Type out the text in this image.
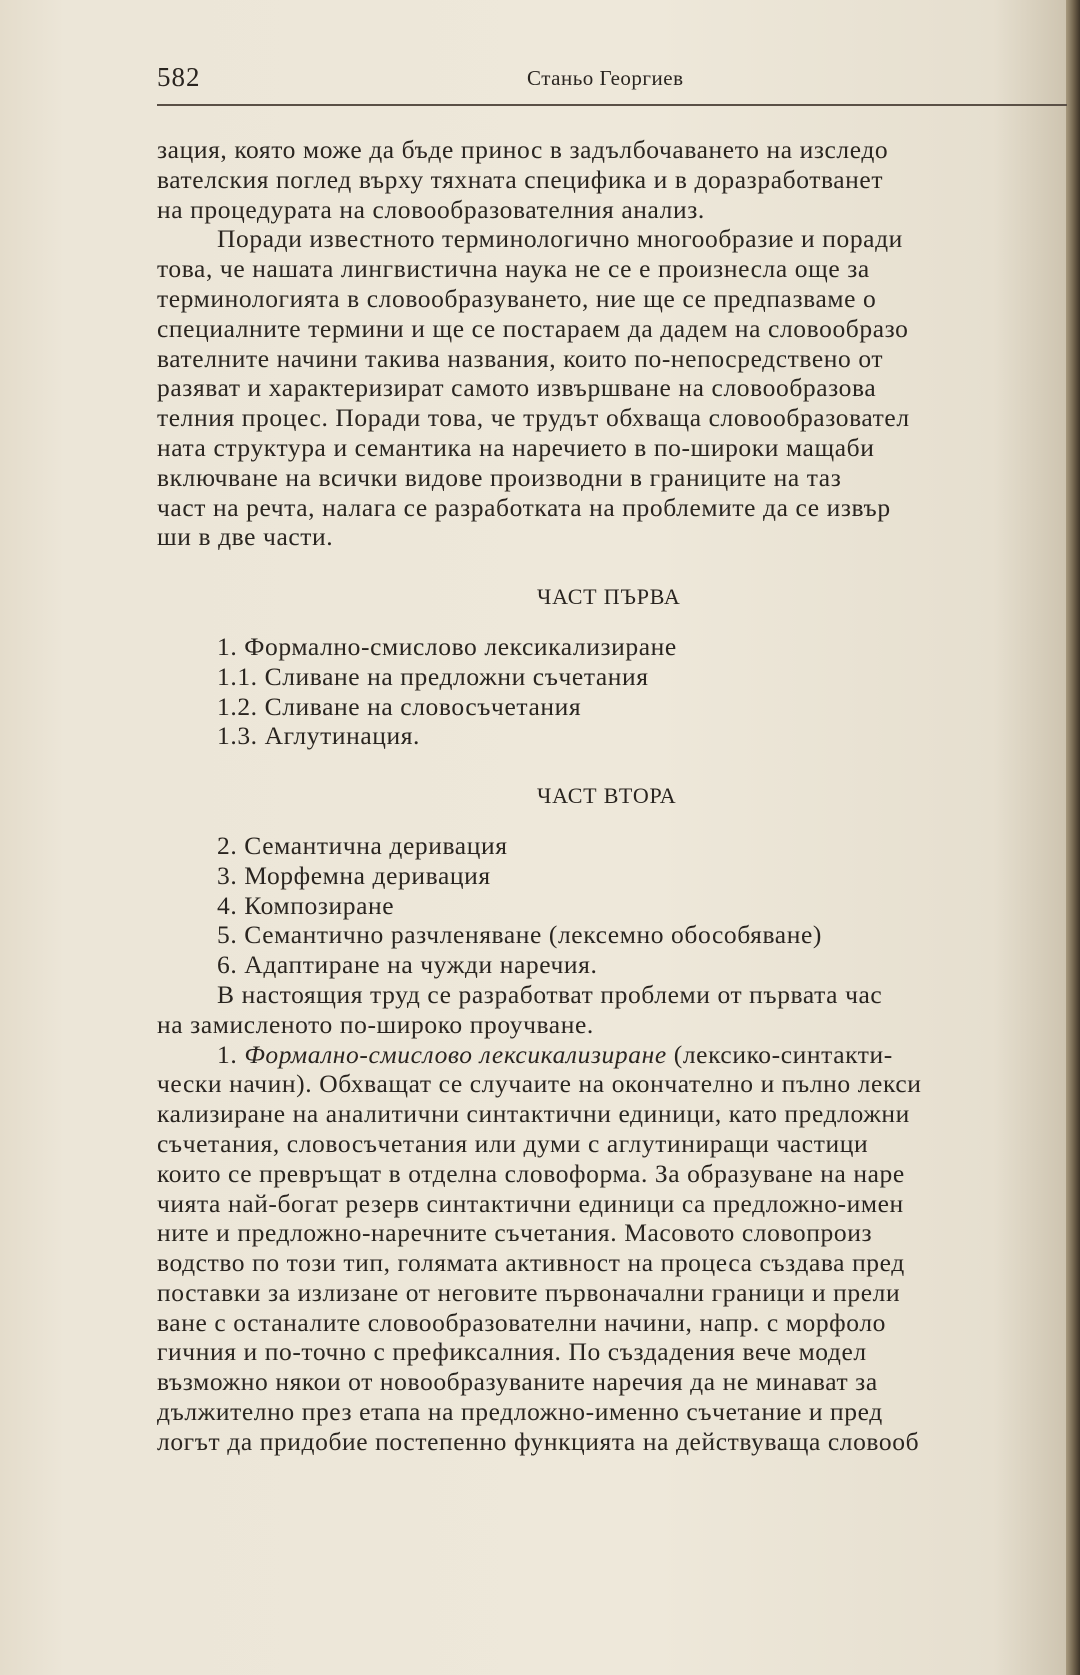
582	Станьо Георгиев
зация, която може да бъде принос в задълбочаването на изследо
вателския поглед върху тяхната специфика и в доразработванет
на процедурата на словообразователния анализ.
Поради известното терминологично многообразие и поради
това, че нашата лингвистична наука не се е произнесла още за
терминологията в словообразуването, ние ще се предпазваме о
специалните термини и ще се постараем да дадем на словообразо
вателните начини такива названия, които по-непосредствено от
разяват и характеризират самото извършване на словообразова
телния процес. Поради това, че трудът обхваща словообразовател
ната структура и семантика на наречието в по-широки мащаби
включване на всички видове производни в границите на таз
част на речта, налага се разработката на проблемите да се извър
ши в две части.
ЧАСТ ПЪРВА
1. Формално-смислово лексикализиране
1.1. Сливане на предложни съчетания
1.2. Сливане на словосъчетания
1.3. Аглутинация.
ЧАСТ ВТОРА
2. Семантична деривация
3. Морфемна деривация
4. Композиране
5. Семантично разчленяване (лексемно обособяване)
6. Адаптиране на чужди наречия.
В настоящия труд се разработват проблеми от първата час
на замисленото по-широко проучване.
1. Формално-смислово лексикализиране (лексико-синтакти-
чески начин). Обхващат се случаите на окончателно и пълно лекси
кализиране на аналитични синтактични единици, като предложни
съчетания, словосъчетания или думи с аглутиниращи частици
които се превръщат в отделна словоформа. За образуване на наре
чията най-богат резерв синтактични единици са предложно-имен
ните и предложно-наречните съчетания. Масовото словопроиз
водство по този тип, голямата активност на процеса създава пред
поставки за излизане от неговите първоначални граници и прели
ване с останалите словообразователни начини, напр. с морфоло
гичния и по-точно с префиксалния. По създадения вече модел
възможно някои от новообразуваните наречия да не минават за
дължително през етапа на предложно-именно съчетание и пред
логът да придобие постепенно функцията на действуваща словооб
